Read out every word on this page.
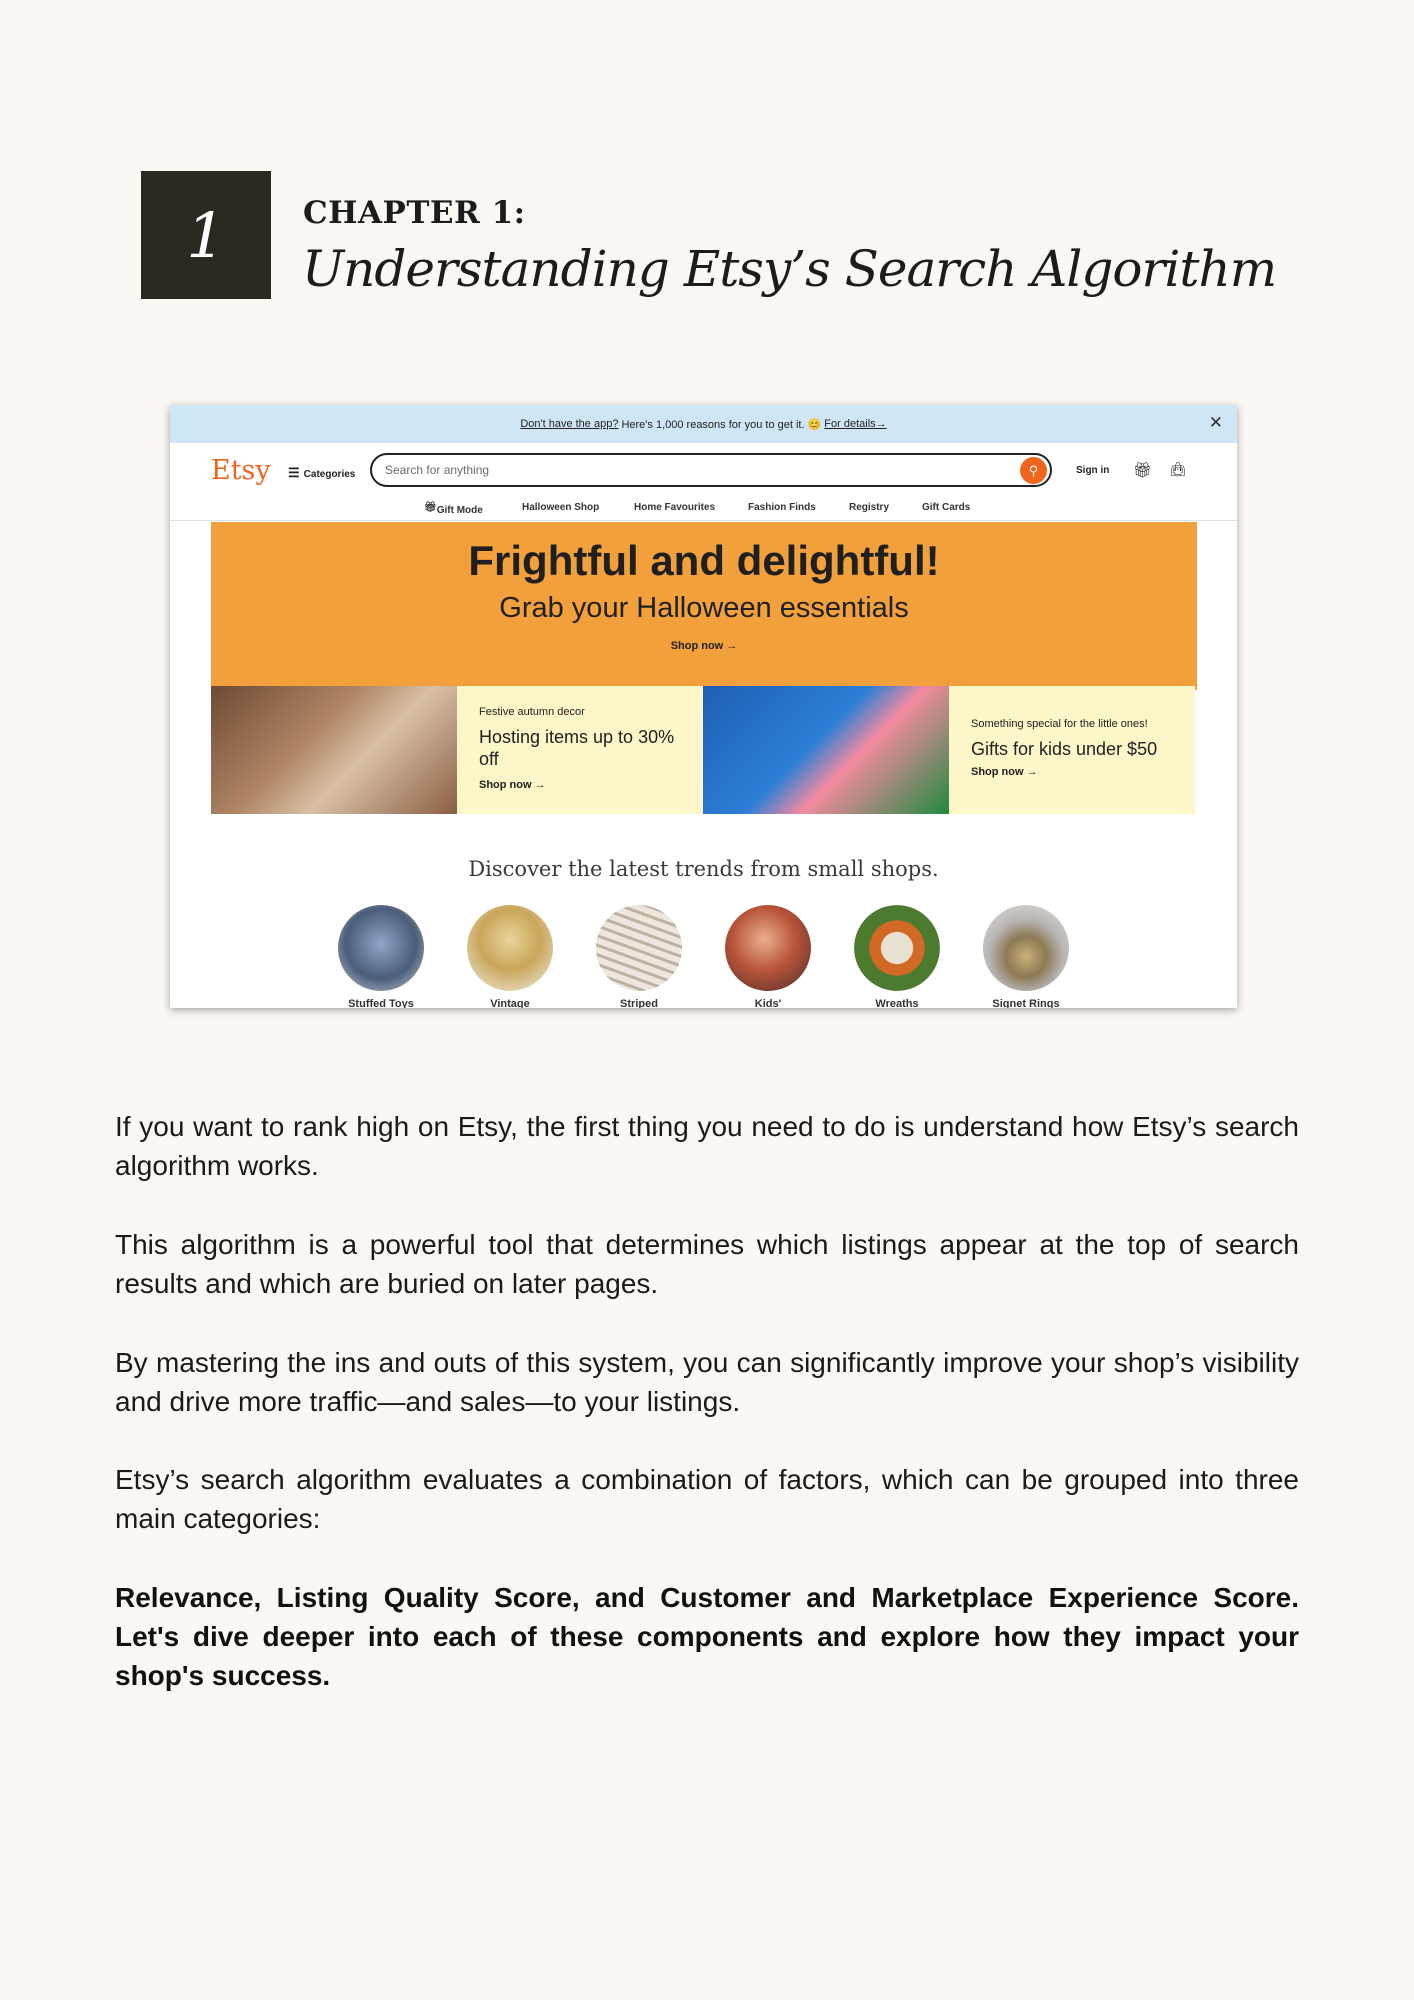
1 CHAPTER 1:
Understanding Etsy’s Search Algorithm
Don't have the app? Here's 1,000 reasons for you to get it. 😊 For details→	✕
Etsy ☰ Categories Search for anything	⚲	Sign in 🎁︎ 👜︎
🎁︎ Gift Mode	Halloween Shop	Home Favourites	Fashion Finds	Registry	Gift Cards
Frightful and delightful!
Grab your Halloween essentials
Shop now →
Festive autumn decor
Hosting items up to 30% off
Shop now →
Something special for the little ones!
Gifts for kids under $50
Shop now →
Discover the latest trends from small shops.
Stuffed Toys	Vintage	Striped	Kids'	Wreaths	Signet Rings

If you want to rank high on Etsy, the first thing you need to do is understand how Etsy’s search algorithm works.

This algorithm is a powerful tool that determines which listings appear at the top of search results and which are buried on later pages.

By mastering the ins and outs of this system, you can significantly improve your shop’s visibility and drive more traffic—and sales—to your listings.

Etsy’s search algorithm evaluates a combination of factors, which can be grouped into three main categories:

Relevance, Listing Quality Score, and Customer and Marketplace Experience Score. Let's dive deeper into each of these components and explore how they impact your shop's success.
